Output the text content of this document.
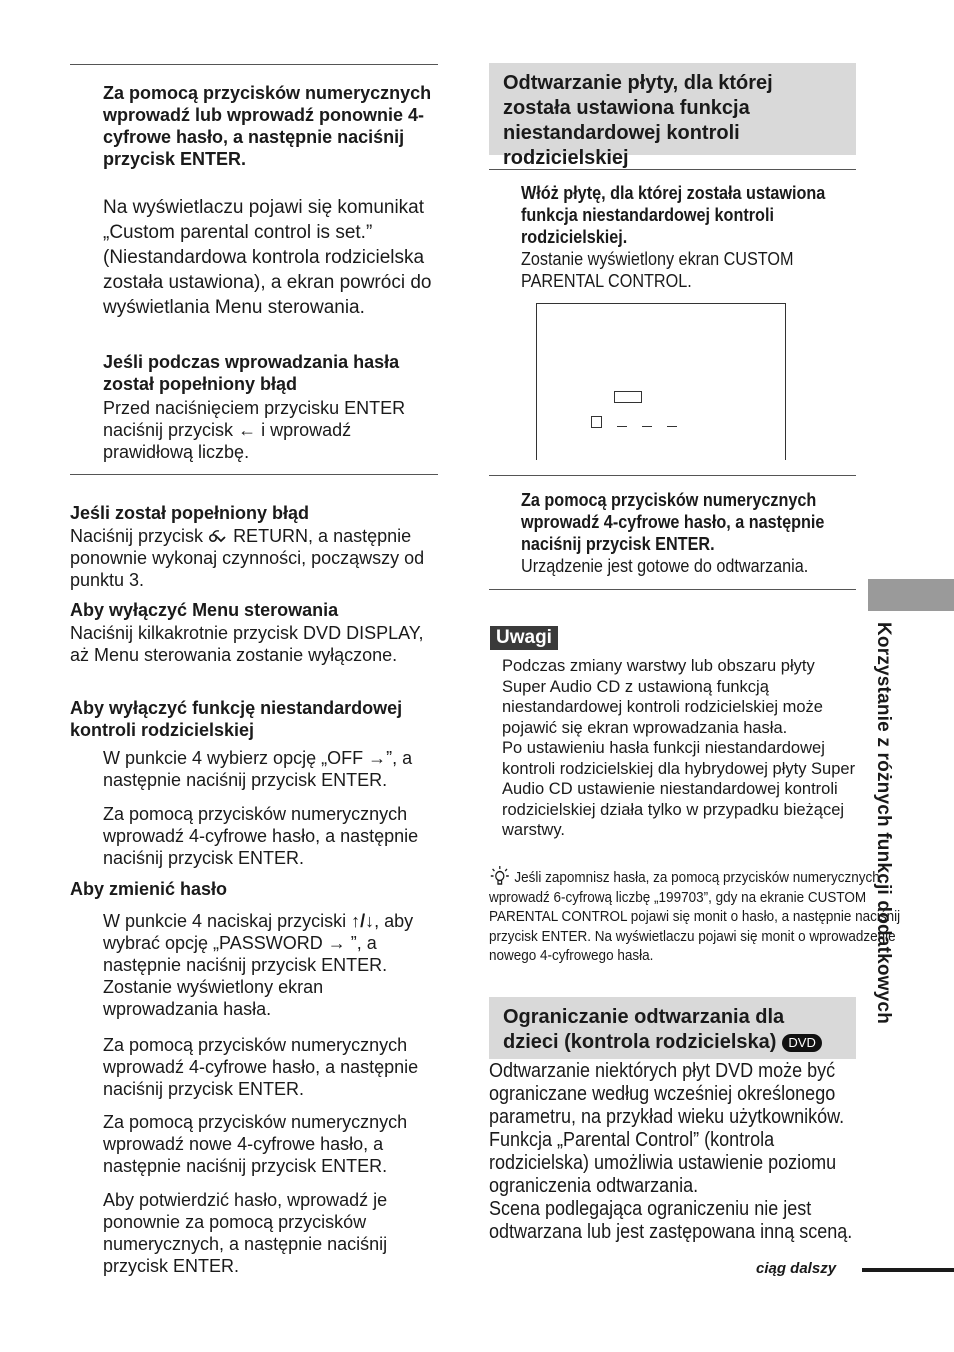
Za pomocą przycisków numerycznych wprowadź lub wprowadź ponownie 4-cyfrowe hasło, a następnie naciśnij przycisk ENTER.
Na wyświetlaczu pojawi się komunikat „Custom parental control is set.” (Niestandardowa kontrola rodzicielska została ustawiona), a ekran powróci do wyświetlania Menu sterowania.
Jeśli podczas wprowadzania hasła został popełniony błąd
Przed naciśnięciem przycisku ENTER naciśnij przycisk ← i wprowadź prawidłową liczbę.
Jeśli został popełniony błąd
Naciśnij przycisk RETURN, a następnie ponownie wykonaj czynności, począwszy od punktu 3.
Aby wyłączyć Menu sterowania
Naciśnij kilkakrotnie przycisk DVD DISPLAY, aż Menu sterowania zostanie wyłączone.
Aby wyłączyć funkcję niestandardowej kontroli rodzicielskiej
W punkcie 4 wybierz opcję „OFF →”, a następnie naciśnij przycisk ENTER.
Za pomocą przycisków numerycznych wprowadź 4-cyfrowe hasło, a następnie naciśnij przycisk ENTER.
Aby zmienić hasło
W punkcie 4 naciskaj przyciski ↑/↓, aby wybrać opcję „PASSWORD → ”, a następnie naciśnij przycisk ENTER. Zostanie wyświetlony ekran wprowadzania hasła.
Za pomocą przycisków numerycznych wprowadź 4-cyfrowe hasło, a następnie naciśnij przycisk ENTER.
Za pomocą przycisków numerycznych wprowadź nowe 4-cyfrowe hasło, a następnie naciśnij przycisk ENTER.
Aby potwierdzić hasło, wprowadź je ponownie za pomocą przycisków numerycznych, a następnie naciśnij przycisk ENTER.
Odtwarzanie płyty, dla której została ustawiona funkcja niestandardowej kontroli rodzicielskiej
Włóż płytę, dla której została ustawiona funkcja niestandardowej kontroli rodzicielskiej.
Zostanie wyświetlony ekran CUSTOM PARENTAL CONTROL.
Za pomocą przycisków numerycznych wprowadź 4-cyfrowe hasło, a następnie naciśnij przycisk ENTER.
Urządzenie jest gotowe do odtwarzania.
Uwagi
Podczas zmiany warstwy lub obszaru płyty Super Audio CD z ustawioną funkcją niestandardowej kontroli rodzicielskiej może pojawić się ekran wprowadzania hasła.
Po ustawieniu hasła funkcji niestandardowej kontroli rodzicielskiej dla hybrydowej płyty Super Audio CD ustawienie niestandardowej kontroli rodzicielskiej działa tylko w przypadku bieżącej warstwy.
Jeśli zapomnisz hasła, za pomocą przycisków numerycznych wprowadź 6-cyfrową liczbę „199703”, gdy na ekranie CUSTOM PARENTAL CONTROL pojawi się monit o hasło, a następnie naciśnij przycisk ENTER. Na wyświetlaczu pojawi się monit o wprowadzenie nowego 4-cyfrowego hasła.
Ograniczanie odtwarzania dla dzieci (kontrola rodzicielska) DVD
Odtwarzanie niektórych płyt DVD może być ograniczane według wcześniej określonego parametru, na przykład wieku użytkowników. Funkcja „Parental Control” (kontrola rodzicielska) umożliwia ustawienie poziomu ograniczenia odtwarzania.
Scena podlegająca ograniczeniu nie jest odtwarzana lub jest zastępowana inną sceną.
Korzystanie z różnych funkcji dodatkowych
ciąg dalszy
